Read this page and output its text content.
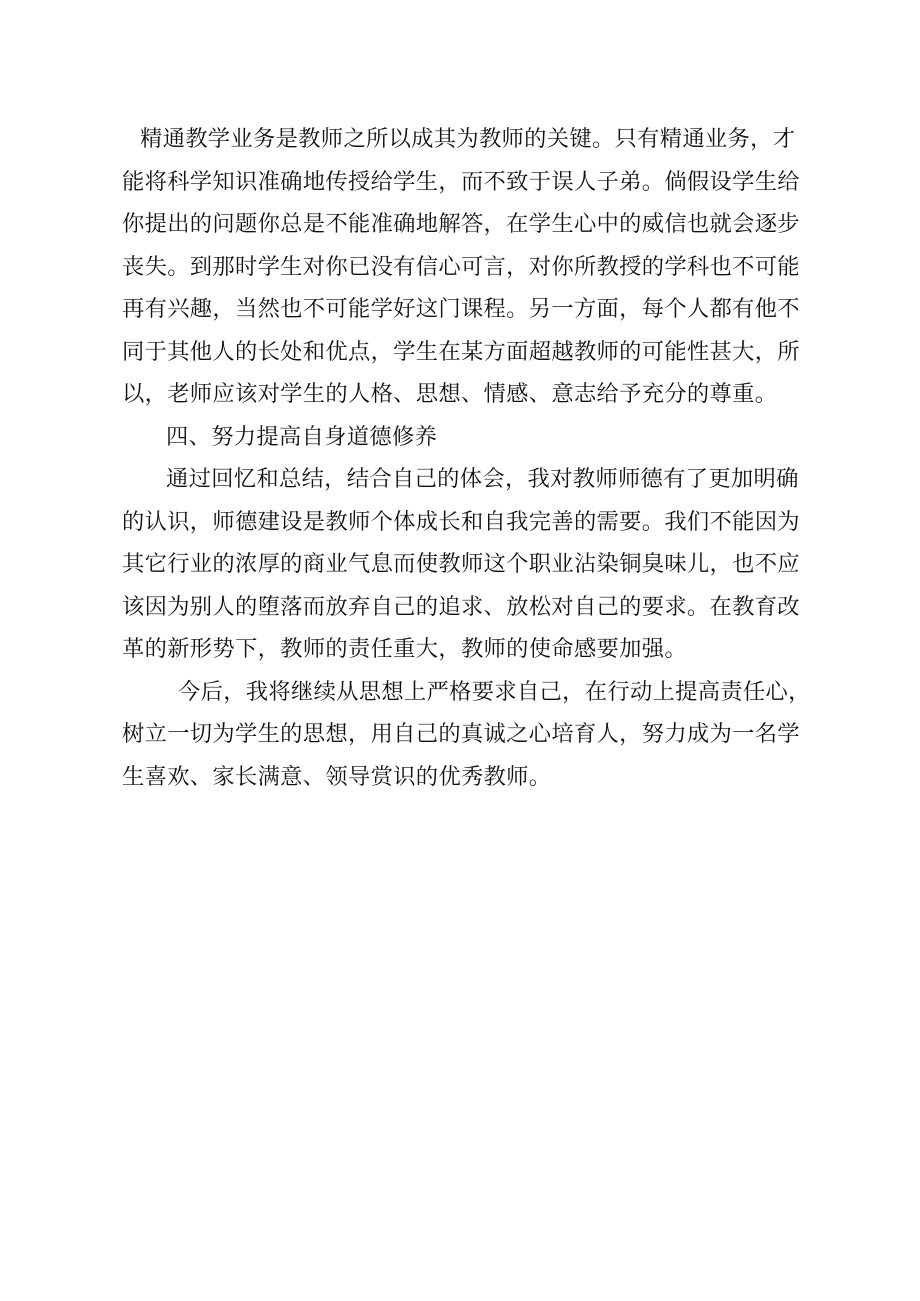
精通教学业务是教师之所以成其为教师的关键。只有精通业务，才能将科学知识准确地传授给学生，而不致于误人子弟。倘假设学生给你提出的问题你总是不能准确地解答，在学生心中的威信也就会逐步丧失。到那时学生对你已没有信心可言，对你所教授的学科也不可能再有兴趣，当然也不可能学好这门课程。另一方面，每个人都有他不同于其他人的长处和优点，学生在某方面超越教师的可能性甚大，所以，老师应该对学生的人格、思想、情感、意志给予充分的尊重。

四、努力提高自身道德修养

通过回忆和总结，结合自己的体会，我对教师师德有了更加明确的认识，师德建设是教师个体成长和自我完善的需要。我们不能因为其它行业的浓厚的商业气息而使教师这个职业沾染铜臭味儿，也不应该因为别人的堕落而放弃自己的追求、放松对自己的要求。在教育改革的新形势下，教师的责任重大，教师的使命感要加强。

今后，我将继续从思想上严格要求自己，在行动上提高责任心，树立一切为学生的思想，用自己的真诚之心培育人，努力成为一名学生喜欢、家长满意、领导赏识的优秀教师。
